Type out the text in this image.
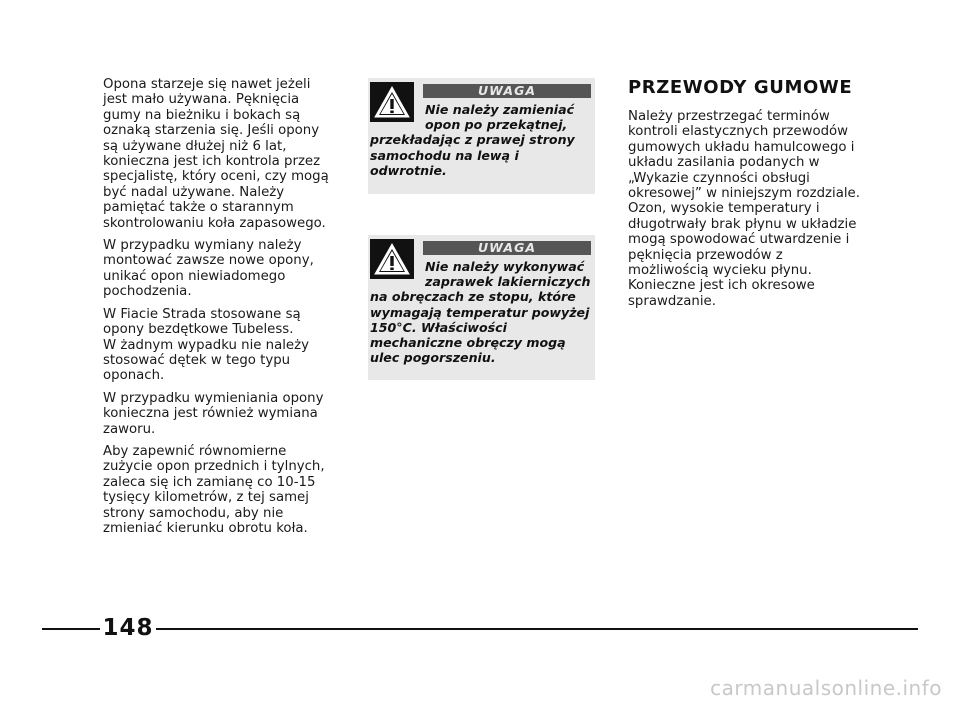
Opona starzeje się nawet jeżeli jest mało używana. Pęknięcia gumy na bieżniku i bokach są oznaką starzenia się. Jeśli opony są używane dłużej niż 6 lat, konieczna jest ich kontrola przez specjalistę, który oceni, czy mogą być nadal używane. Należy pamiętać także o starannym skontrolowaniu koła zapasowego.

W przypadku wymiany należy montować zawsze nowe opony, unikać opon niewiadomego pochodzenia.

W Fiacie Strada stosowane są opony bezdętkowe Tubeless.

W żadnym wypadku nie należy stosować dętek w tego typu oponach.

W przypadku wymieniania opony konieczna jest również wymiana zaworu.

Aby zapewnić równomierne zużycie opon przednich i tylnych, zaleca się ich zamianę co 10-15 tysięcy kilometrów, z tej samej strony samochodu, aby nie zmieniać kierunku obrotu koła.

UWAGA
Nie należy zamieniać opon po przekątnej,
przekładając z prawej strony samochodu na lewą i odwrotnie.
UWAGA
Nie należy wykonywać zaprawek lakierniczych
na obręczach ze stopu, które wymagają temperatur powyżej 150°C. Właściwości mechaniczne obręczy mogą ulec pogorszeniu.
PRZEWODY GUMOWE

Należy przestrzegać terminów kontroli elastycznych przewodów gumowych układu hamulcowego i układu zasilania podanych w „Wykazie czynności obsługi okresowej” w niniejszym rozdziale. Ozon, wysokie temperatury i długotrwały brak płynu w układzie mogą spowodować utwardzenie i pęknięcia przewodów z możliwością wycieku płynu. Konieczne jest ich okresowe sprawdzanie.

148
carmanualsonline.info
